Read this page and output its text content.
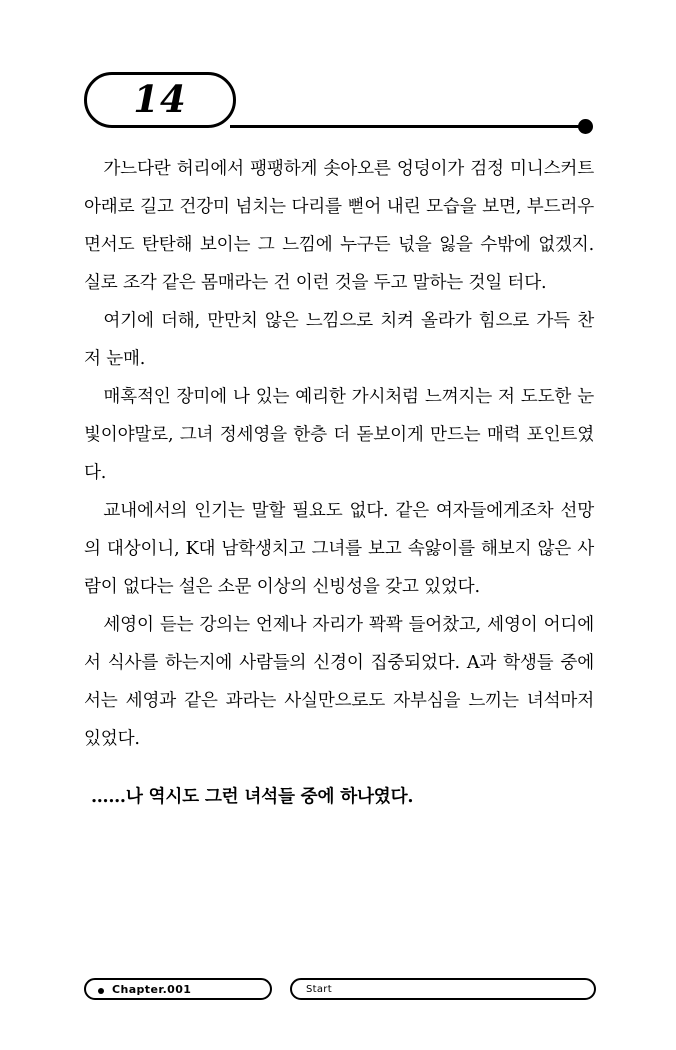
14

가느다란 허리에서 팽팽하게 솟아오른 엉덩이가 검정 미니스커트 아래로 길고 건강미 넘치는 다리를 뻗어 내린 모습을 보면, 부드러우면서도 탄탄해 보이는 그 느낌에 누구든 넋을 잃을 수밖에 없겠지. 실로 조각 같은 몸매라는 건 이런 것을 두고 말하는 것일 터다.

여기에 더해, 만만치 않은 느낌으로 치켜 올라가 힘으로 가득 찬 저 눈매.

매혹적인 장미에 나 있는 예리한 가시처럼 느껴지는 저 도도한 눈빛이야말로, 그녀 정세영을 한층 더 돋보이게 만드는 매력 포인트였다.

교내에서의 인기는 말할 필요도 없다. 같은 여자들에게조차 선망의 대상이니, K대 남학생치고 그녀를 보고 속앓이를 해보지 않은 사람이 없다는 설은 소문 이상의 신빙성을 갖고 있었다.

세영이 듣는 강의는 언제나 자리가 꽉꽉 들어찼고, 세영이 어디에서 식사를 하는지에 사람들의 신경이 집중되었다. A과 학생들 중에서는 세영과 같은 과라는 사실만으로도 자부심을 느끼는 녀석마저 있었다.

……나 역시도 그런 녀석들 중에 하나였다.

Chapter.001	Start
